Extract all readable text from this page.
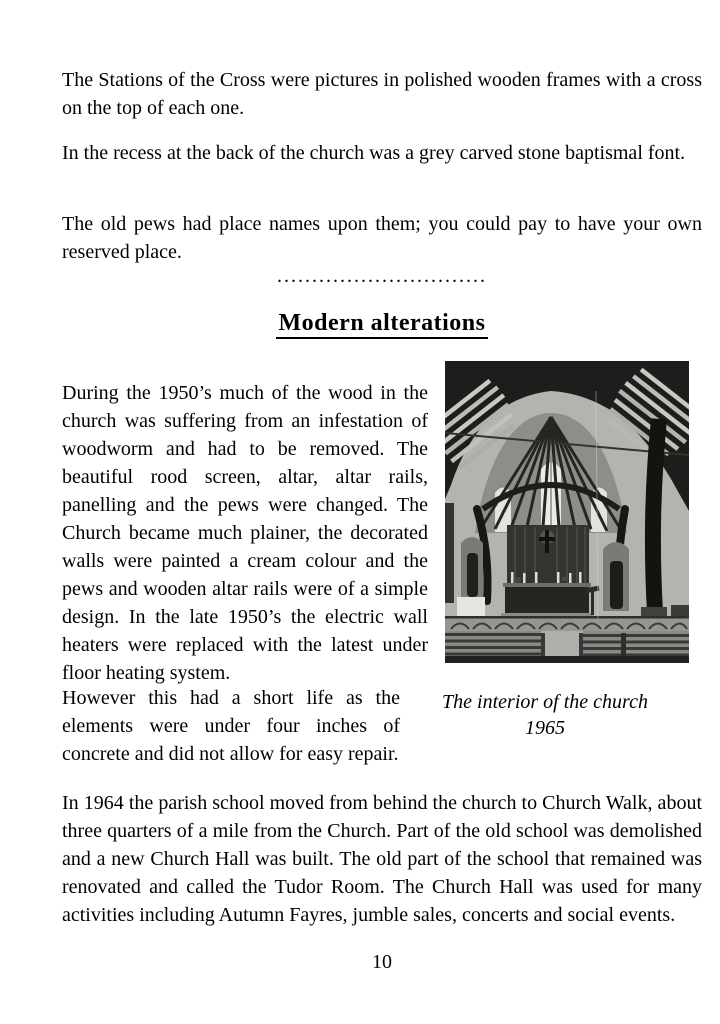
The Stations of the Cross were pictures in polished wooden frames with a cross on the top of each one.

In the recess at the back of the church was a grey carved stone baptismal font.

The old pews had place names upon them; you could pay to have your own reserved place.

..............................
Modern alterations

During the 1950’s much of the wood in the church was suffering from an infestation of woodworm and had to be removed. The beautiful rood screen, altar, altar rails, panelling and the pews were changed. The Church became much plainer, the decorated walls were painted a cream colour and the pews and wooden altar rails were of a simple design. In the late 1950’s the electric wall heaters were replaced with the latest under floor heating system.

However this had a short life as the elements were under four inches of concrete and did not allow for easy repair.

The interior of the church 1965

In 1964 the parish school moved from behind the church to Church Walk, about three quarters of a mile from the Church. Part of the old school was demolished and a new Church Hall was built. The old part of the school that remained was renovated and called the Tudor Room. The Church Hall was used for many activities including Autumn Fayres, jumble sales, concerts and social events.

10
